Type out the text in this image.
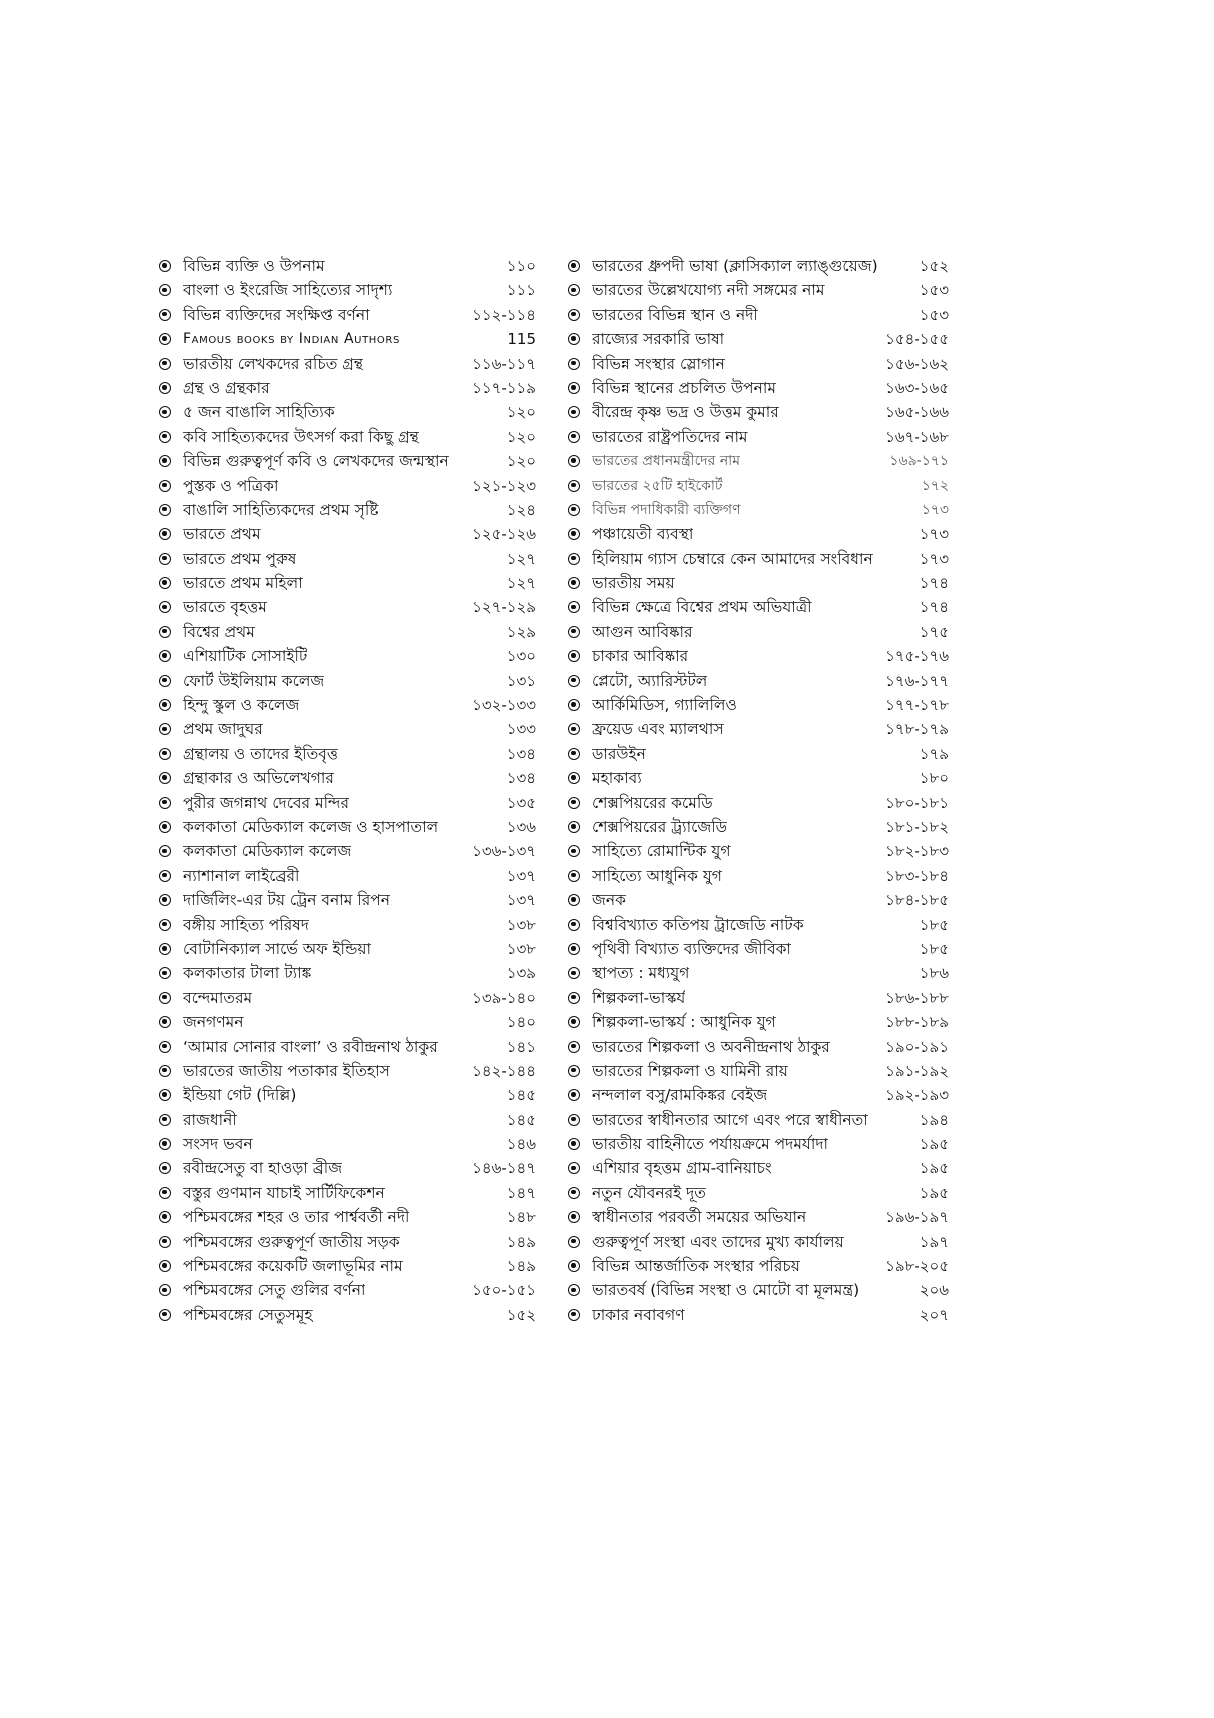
বিভিন্ন ব্যক্তি ও উপনাম	১১০
বাংলা ও ইংরেজি সাহিত্যের সাদৃশ্য	১১১
বিভিন্ন ব্যক্তিদের সংক্ষিপ্ত বর্ণনা	১১২-১১৪
Famous books by Indian Authors	115
ভারতীয় লেখকদের রচিত গ্রন্থ	১১৬-১১৭
গ্রন্থ ও গ্রন্থকার	১১৭-১১৯
৫ জন বাঙালি সাহিত্যিক	১২০
কবি সাহিত্যকদের উৎসর্গ করা কিছু গ্রন্থ	১২০
বিভিন্ন গুরুত্বপূর্ণ কবি ও লেখকদের জন্মস্থান	১২০
পুস্তক ও পত্রিকা	১২১-১২৩
বাঙালি সাহিত্যিকদের প্রথম সৃষ্টি	১২৪
ভারতে প্রথম	১২৫-১২৬
ভারতে প্রথম পুরুষ	১২৭
ভারতে প্রথম মহিলা	১২৭
ভারতে বৃহত্তম	১২৭-১২৯
বিশ্বের প্রথম	১২৯
এশিয়াটিক সোসাইটি	১৩০
ফোর্ট উইলিয়াম কলেজ	১৩১
হিন্দু স্কুল ও কলেজ	১৩২-১৩৩
প্রথম জাদুঘর	১৩৩
গ্রন্থালয় ও তাদের ইতিবৃত্ত	১৩৪
গ্রন্থাকার ও অভিলেখগার	১৩৪
পুরীর জগন্নাথ দেবের মন্দির	১৩৫
কলকাতা মেডিক্যাল কলেজ ও হাসপাতাল	১৩৬
কলকাতা মেডিক্যাল কলেজ	১৩৬-১৩৭
ন্যাশানাল লাইব্রেরী	১৩৭
দার্জিলিং-এর টয় ট্রেন বনাম রিপন	১৩৭
বঙ্গীয় সাহিত্য পরিষদ	১৩৮
বোটানিক্যাল সার্ভে অফ ইন্ডিয়া	১৩৮
কলকাতার টালা ট্যাঙ্ক	১৩৯
বন্দেমাতরম	১৩৯-১৪০
জনগণমন	১৪০
‘আমার সোনার বাংলা’ ও রবীন্দ্রনাথ ঠাকুর	১৪১
ভারতের জাতীয় পতাকার ইতিহাস	১৪২-১৪৪
ইন্ডিয়া গেট (দিল্লি)	১৪৫
রাজধানী	১৪৫
সংসদ ভবন	১৪৬
রবীন্দ্রসেতু বা হাওড়া ব্রীজ	১৪৬-১৪৭
বস্তুর গুণমান যাচাই সার্টিফিকেশন	১৪৭
পশ্চিমবঙ্গের শহর ও তার পার্শ্ববর্তী নদী	১৪৮
পশ্চিমবঙ্গের গুরুত্বপূর্ণ জাতীয় সড়ক	১৪৯
পশ্চিমবঙ্গের কয়েকটি জলাভূমির নাম	১৪৯
পশ্চিমবঙ্গের সেতু গুলির বর্ণনা	১৫০-১৫১
পশ্চিমবঙ্গের সেতুসমূহ	১৫২
ভারতের ধ্রুপদী ভাষা (ক্লাসিক্যাল ল্যাঙ্গুয়েজ)	১৫২
ভারতের উল্লেখযোগ্য নদী সঙ্গমের নাম	১৫৩
ভারতের বিভিন্ন স্থান ও নদী	১৫৩
রাজ্যের সরকারি ভাষা	১৫৪-১৫৫
বিভিন্ন সংস্থার স্লোগান	১৫৬-১৬২
বিভিন্ন স্থানের প্রচলিত উপনাম	১৬৩-১৬৫
বীরেন্দ্র কৃষ্ণ ভদ্র ও উত্তম কুমার	১৬৫-১৬৬
ভারতের রাষ্ট্রপতিদের নাম	১৬৭-১৬৮
ভারতের প্রধানমন্ত্রীদের নাম	১৬৯-১৭১
ভারতের ২৫টি হাইকোর্ট	১৭২
বিভিন্ন পদাধিকারী ব্যক্তিগণ	১৭৩
পঞ্চায়েতী ব্যবস্থা	১৭৩
হিলিয়াম গ্যাস চেম্বারে কেন আমাদের সংবিধান	১৭৩
ভারতীয় সময়	১৭৪
বিভিন্ন ক্ষেত্রে বিশ্বের প্রথম অভিযাত্রী	১৭৪
আগুন আবিষ্কার	১৭৫
চাকার আবিষ্কার	১৭৫-১৭৬
প্লেটো, অ্যারিস্টটল	১৭৬-১৭৭
আর্কিমিডিস, গ্যালিলিও	১৭৭-১৭৮
ফ্রয়েড এবং ম্যালথাস	১৭৮-১৭৯
ডারউইন	১৭৯
মহাকাব্য	১৮০
শেক্সপিয়রের কমেডি	১৮০-১৮১
শেক্সপিয়রের ট্র্যাজেডি	১৮১-১৮২
সাহিত্যে রোমান্টিক যুগ	১৮২-১৮৩
সাহিত্যে আধুনিক যুগ	১৮৩-১৮৪
জনক	১৮৪-১৮৫
বিশ্ববিখ্যাত কতিপয় ট্রাজেডি নাটক	১৮৫
পৃথিবী বিখ্যাত ব্যক্তিদের জীবিকা	১৮৫
স্থাপত্য : মধ্যযুগ	১৮৬
শিল্পকলা-ভাস্কর্য	১৮৬-১৮৮
শিল্পকলা-ভাস্কর্য : আধুনিক যুগ	১৮৮-১৮৯
ভারতের শিল্পকলা ও অবনীন্দ্রনাথ ঠাকুর	১৯০-১৯১
ভারতের শিল্পকলা ও যামিনী রায়	১৯১-১৯২
নন্দলাল বসু/রামকিঙ্কর বেইজ	১৯২-১৯৩
ভারতের স্বাধীনতার আগে এবং পরে স্বাধীনতা	১৯৪
ভারতীয় বাহিনীতে পর্যায়ক্রমে পদমর্যাদা	১৯৫
এশিয়ার বৃহত্তম গ্রাম-বানিয়াচং	১৯৫
নতুন যৌবনরই দূত	১৯৫
স্বাধীনতার পরবর্তী সময়ের অভিযান	১৯৬-১৯৭
গুরুত্বপূর্ণ সংস্থা এবং তাদের মুখ্য কার্যালয়	১৯৭
বিভিন্ন আন্তর্জাতিক সংস্থার পরিচয়	১৯৮-২০৫
ভারতবর্ষ (বিভিন্ন সংস্থা ও মোটো বা মূলমন্ত্র)	২০৬
ঢাকার নবাবগণ	২০৭
